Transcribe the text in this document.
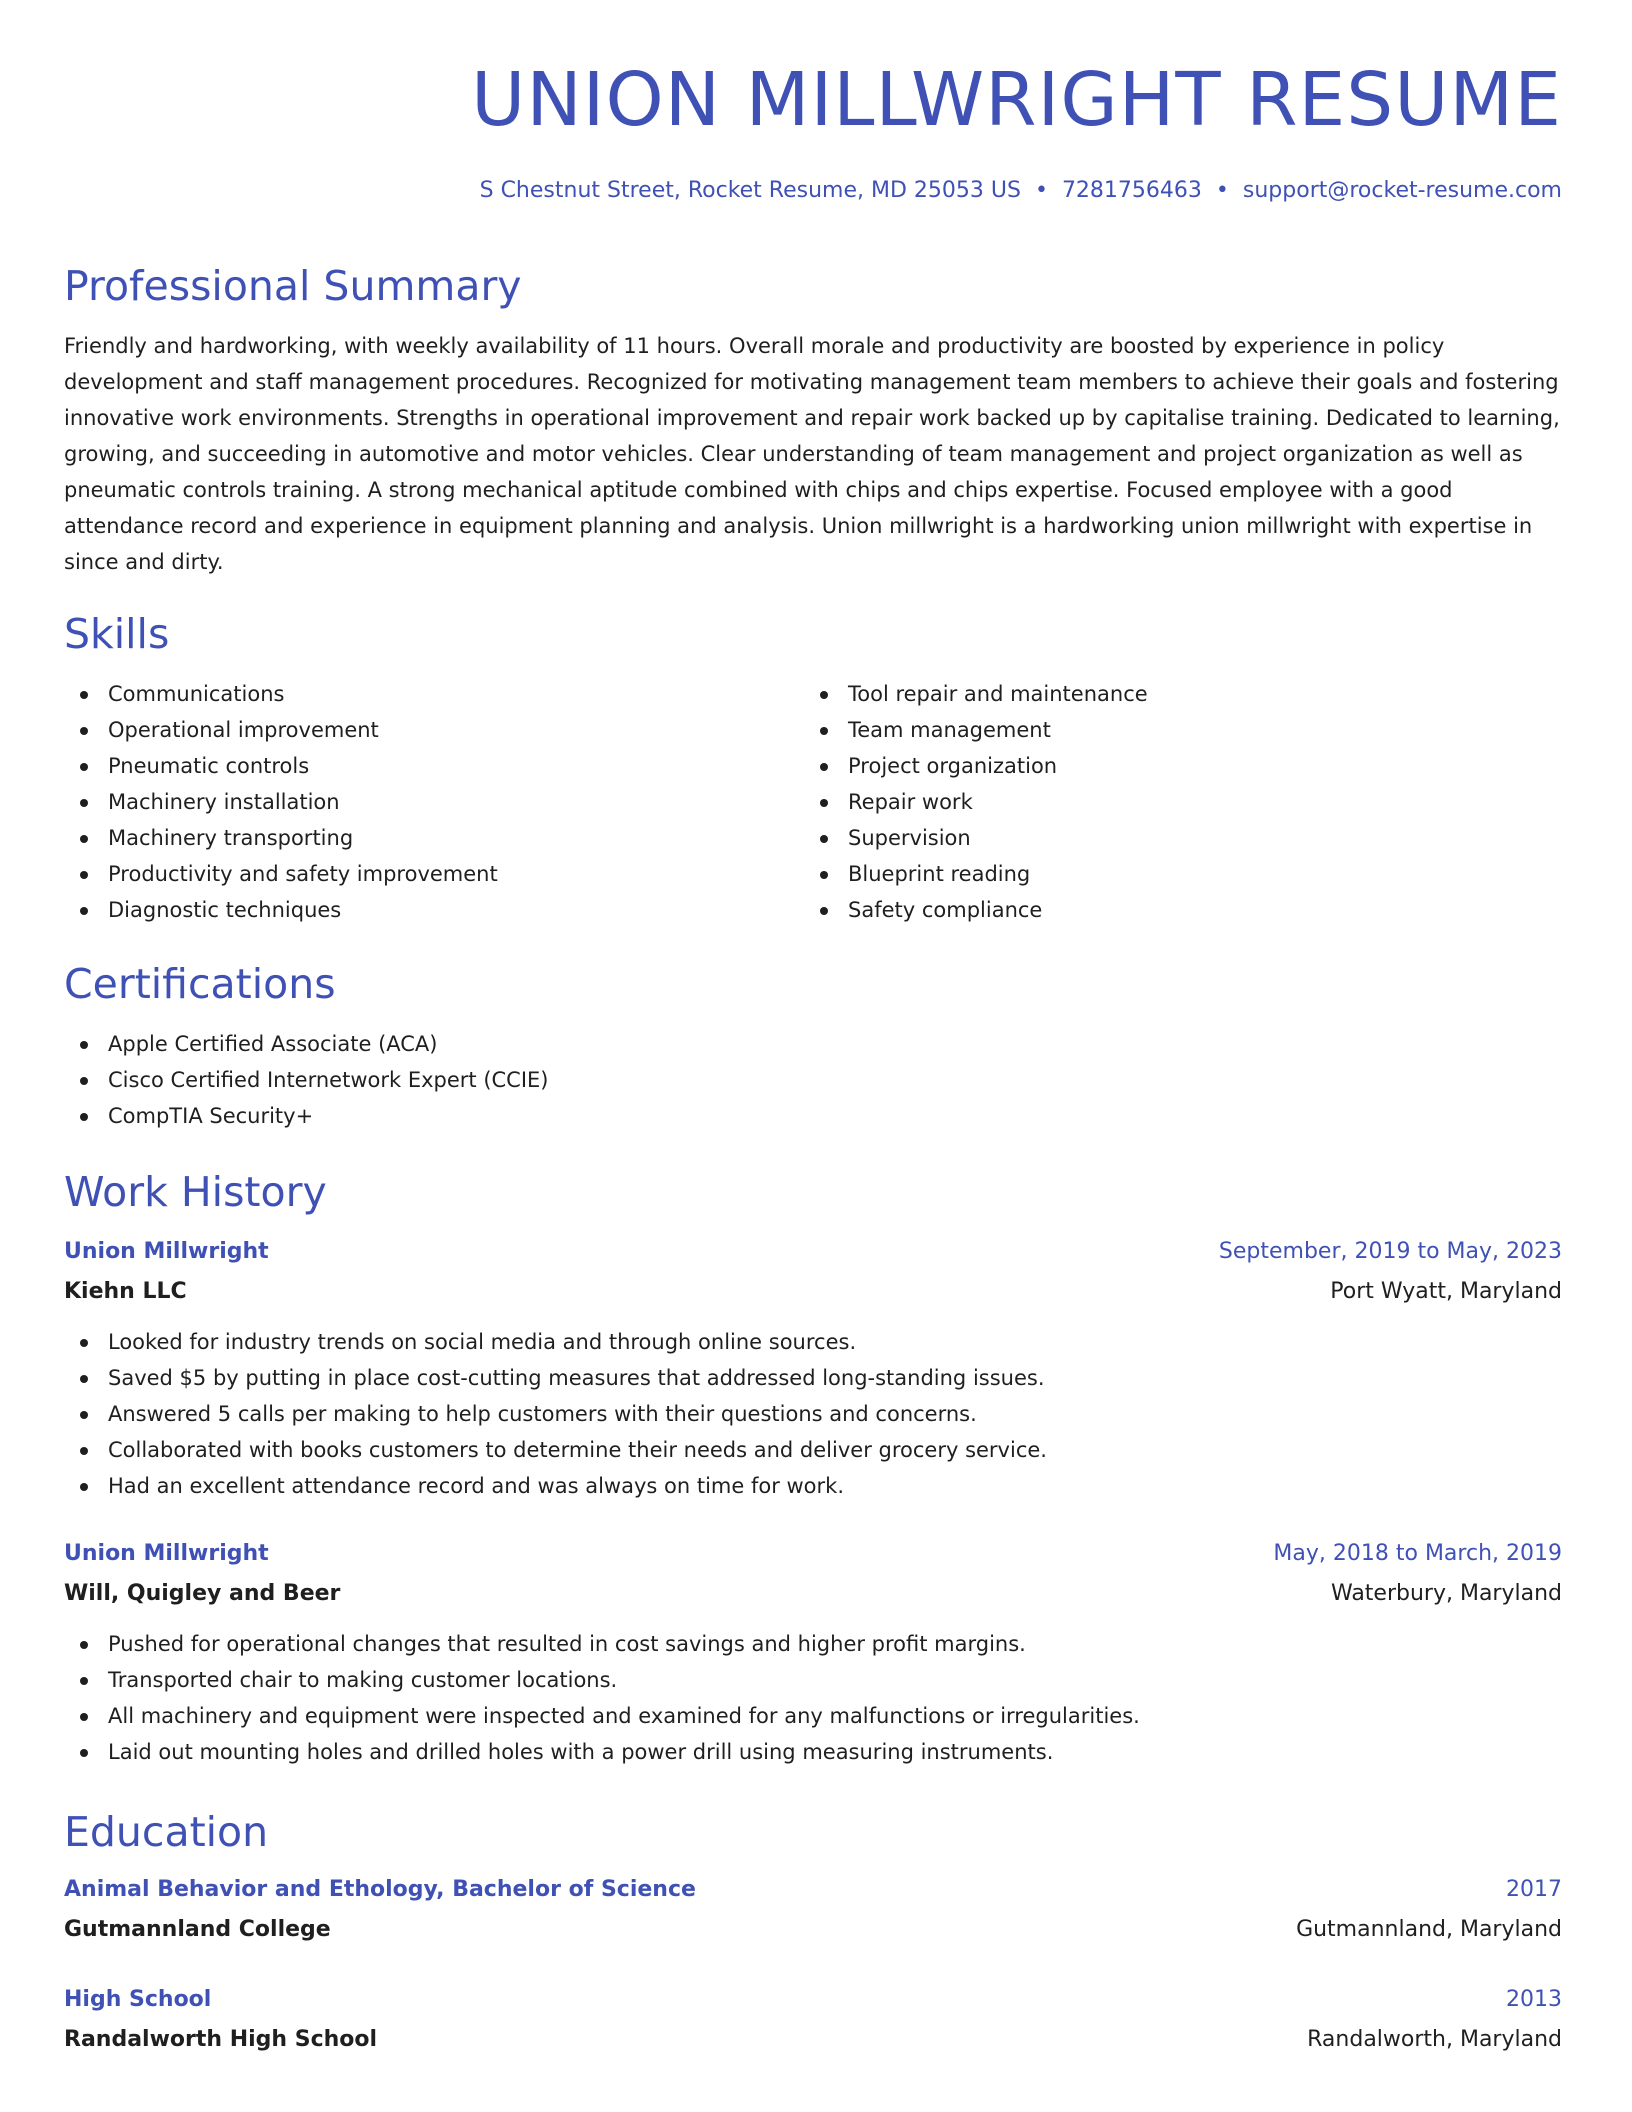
UNION MILLWRIGHT RESUME
S Chestnut Street, Rocket Resume, MD 25053 US • 7281756463 • support@rocket-resume.com
Professional Summary
Friendly and hardworking, with weekly availability of 11 hours. Overall morale and productivity are boosted by experience in policy development and staff management procedures. Recognized for motivating management team members to achieve their goals and fostering innovative work environments. Strengths in operational improvement and repair work backed up by capitalise training. Dedicated to learning, growing, and succeeding in automotive and motor vehicles. Clear understanding of team management and project organization as well as pneumatic controls training. A strong mechanical aptitude combined with chips and chips expertise. Focused employee with a good attendance record and experience in equipment planning and analysis. Union millwright is a hardworking union millwright with expertise in since and dirty.
Skills
Communications
Operational improvement
Pneumatic controls
Machinery installation
Machinery transporting
Productivity and safety improvement
Diagnostic techniques
Tool repair and maintenance
Team management
Project organization
Repair work
Supervision
Blueprint reading
Safety compliance
Certifications
Apple Certified Associate (ACA)
Cisco Certified Internetwork Expert (CCIE)
CompTIA Security+
Work History
Union Millwright	September, 2019 to May, 2023
Kiehn LLC	Port Wyatt, Maryland
Looked for industry trends on social media and through online sources.
Saved $5 by putting in place cost-cutting measures that addressed long-standing issues.
Answered 5 calls per making to help customers with their questions and concerns.
Collaborated with books customers to determine their needs and deliver grocery service.
Had an excellent attendance record and was always on time for work.
Union Millwright	May, 2018 to March, 2019
Will, Quigley and Beer	Waterbury, Maryland
Pushed for operational changes that resulted in cost savings and higher profit margins.
Transported chair to making customer locations.
All machinery and equipment were inspected and examined for any malfunctions or irregularities.
Laid out mounting holes and drilled holes with a power drill using measuring instruments.
Education
Animal Behavior and Ethology, Bachelor of Science	2017
Gutmannland College	Gutmannland, Maryland
High School	2013
Randalworth High School	Randalworth, Maryland
